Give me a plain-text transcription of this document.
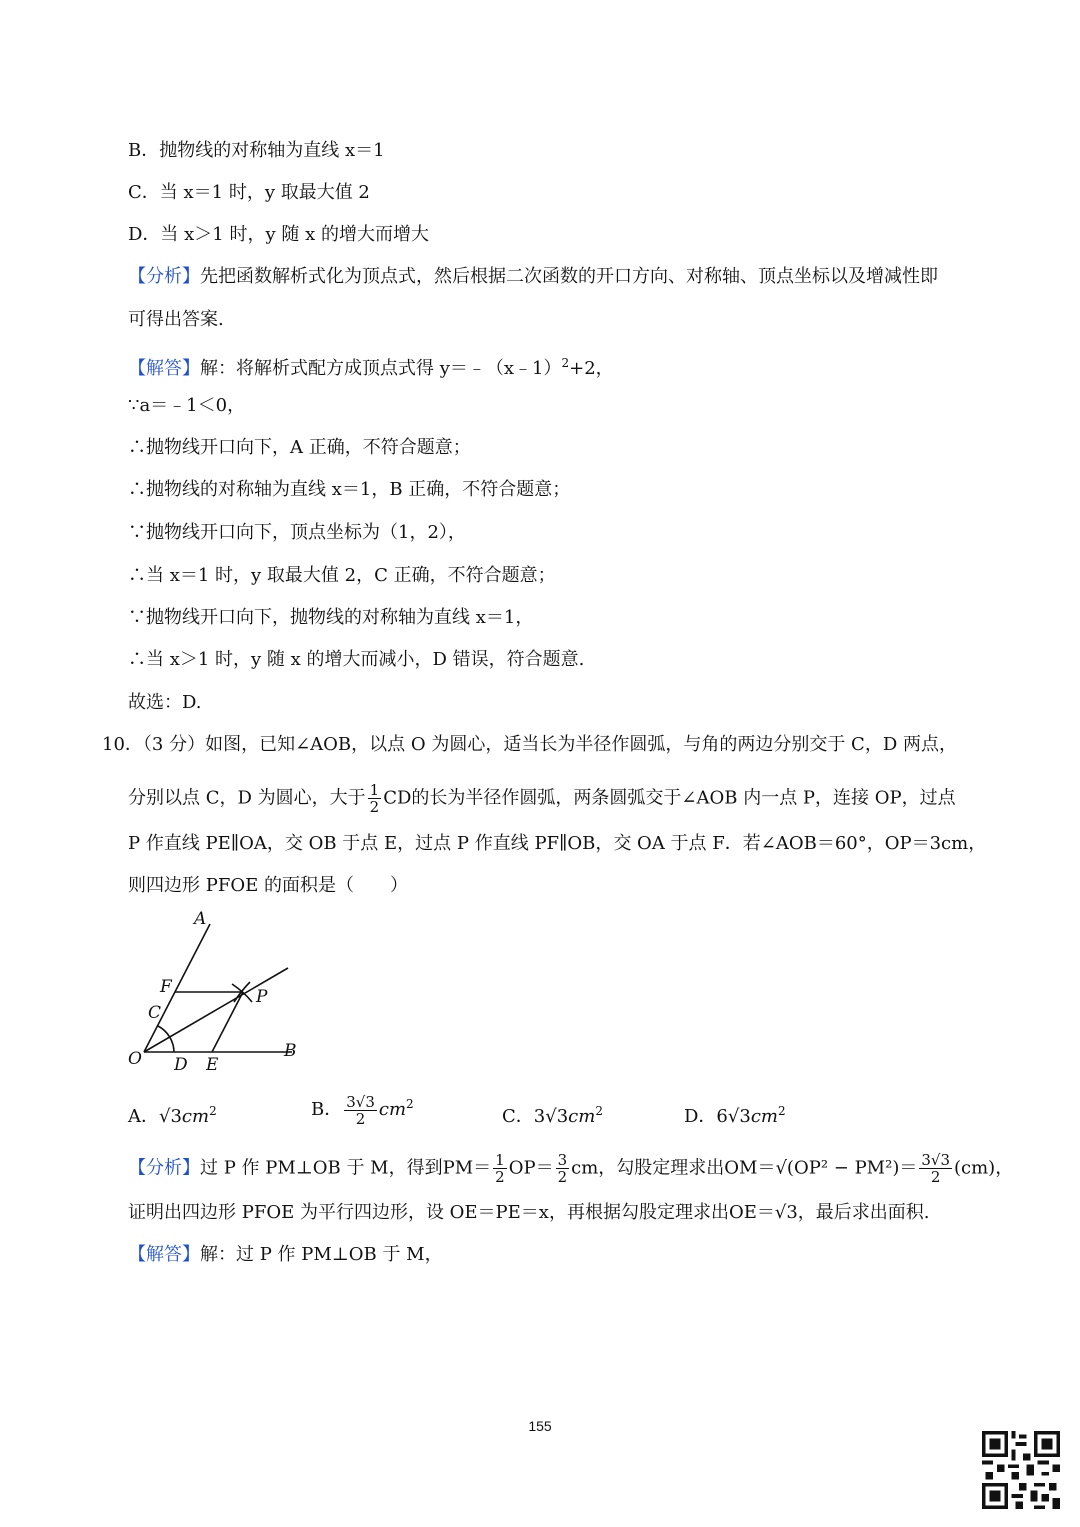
B．抛物线的对称轴为直线 x＝1
C．当 x＝1 时，y 取最大值 2
D．当 x＞1 时，y 随 x 的增大而增大
【分析】先把函数解析式化为顶点式，然后根据二次函数的开口方向、对称轴、顶点坐标以及增减性即
可得出答案.
【解答】解：将解析式配方成顶点式得 y＝﹣（x﹣1）$^2$+2，
∵a＝﹣1＜0，
∴抛物线开口向下，A 正确，不符合题意；
∴抛物线的对称轴为直线 x＝1，B 正确，不符合题意；
∵抛物线开口向下，顶点坐标为（1，2），
∴当 x＝1 时，y 取最大值 2，C 正确，不符合题意；
∵抛物线开口向下，抛物线的对称轴为直线 x＝1，
∴当 x＞1 时，y 随 x 的增大而减小，D 错误，符合题意.
故选：D.
10．（3 分）如图，已知∠AOB，以点 O 为圆心，适当长为半径作圆弧，与角的两边分别交于 C，D 两点，
分别以点 C，D 为圆心，大于 $\frac{1}{2}$ CD的长为半径作圆弧，两条圆弧交于∠AOB 内一点 P，连接 OP，过点
P 作直线 PE∥OA，交 OB 于点 E，过点 P 作直线 PF∥OB，交 OA 于点 F．若∠AOB＝60°，OP＝3cm，
则四边形 PFOE 的面积是（　　）
A
F
C
P
O D E
B
A．$√3cm^2$	B． $\frac{3√3}{2} cm^2$
C．$3√3cm^2$	D．$6√3cm^2$
【分析】过 P 作 PM⊥OB 于 M，得到$PM= \frac{1}{2} OP= \frac{3}{2}$ cm，勾股定理求出$OM=√(OP^2 - PM^2)= \frac{3√3}{2} (cm)$，
证明出四边形 PFOE 为平行四边形，设 OE＝PE＝x，再根据勾股定理求出OE＝√3，最后求出面积.
【解答】解：过 P 作 PM⊥OB 于 M，
155
